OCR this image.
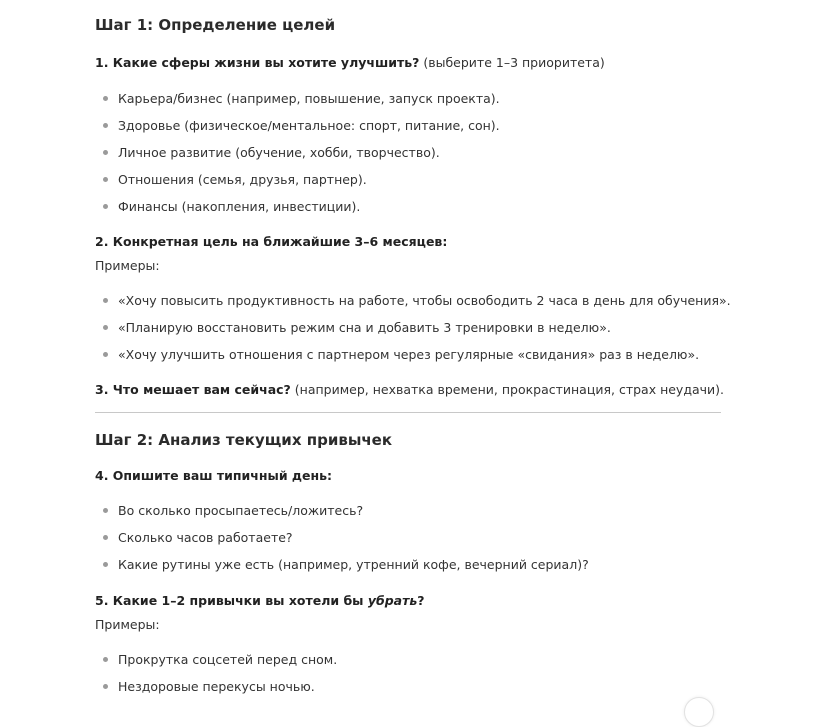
Шаг 1: Определение целей
1. Какие сферы жизни вы хотите улучшить? (выберите 1–3 приоритета)
Карьера/бизнес (например, повышение, запуск проекта).
Здоровье (физическое/ментальное: спорт, питание, сон).
Личное развитие (обучение, хобби, творчество).
Отношения (семья, друзья, партнер).
Финансы (накопления, инвестиции).
2. Конкретная цель на ближайшие 3–6 месяцев:
Примеры:
«Хочу повысить продуктивность на работе, чтобы освободить 2 часа в день для обучения».
«Планирую восстановить режим сна и добавить 3 тренировки в неделю».
«Хочу улучшить отношения с партнером через регулярные «свидания» раз в неделю».
3. Что мешает вам сейчас? (например, нехватка времени, прокрастинация, страх неудачи).
Шаг 2: Анализ текущих привычек
4. Опишите ваш типичный день:
Во сколько просыпаетесь/ложитесь?
Сколько часов работаете?
Какие рутины уже есть (например, утренний кофе, вечерний сериал)?
5. Какие 1–2 привычки вы хотели бы убрать?
Примеры:
Прокрутка соцсетей перед сном.
Нездоровые перекусы ночью.
